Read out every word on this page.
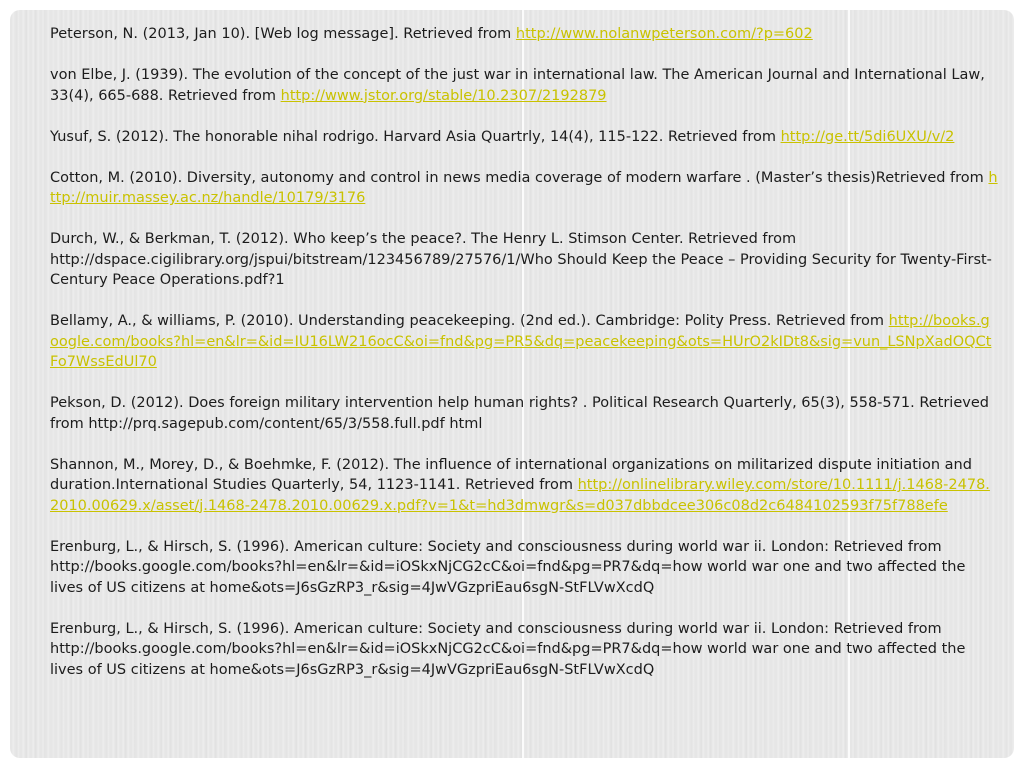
Peterson, N. (2013, Jan 10). [Web log message]. Retrieved from http://www.nolanwpeterson.com/?p=602

von Elbe, J. (1939). The evolution of the concept of the just war in international law. The American Journal and International Law, 33(4), 665-688. Retrieved from http://www.jstor.org/stable/10.2307/2192879

Yusuf, S. (2012). The honorable nihal rodrigo. Harvard Asia Quartrly, 14(4), 115-122. Retrieved from http://ge.tt/5di6UXU/v/2

Cotton, M. (2010). Diversity, autonomy and control in news media coverage of modern warfare . (Master’s thesis)Retrieved from http://muir.massey.ac.nz/handle/10179/3176

Durch, W., & Berkman, T. (2012). Who keep’s the peace?. The Henry L. Stimson Center. Retrieved from http://dspace.cigilibrary.org/jspui/bitstream/123456789/27576/1/Who Should Keep the Peace – Providing Security for Twenty-First-Century Peace Operations.pdf?1

Bellamy, A., & williams, P. (2010). Understanding peacekeeping. (2nd ed.). Cambridge: Polity Press. Retrieved from http://books.google.com/books?hl=en&lr=&id=IU16LW216ocC&oi=fnd&pg=PR5&dq=peacekeeping&ots=HUrO2kIDt8&sig=vun_LSNpXadOQCtFo7WssEdUl70

Pekson, D. (2012). Does foreign military intervention help human rights? . Political Research Quarterly, 65(3), 558-571. Retrieved from http://prq.sagepub.com/content/65/3/558.full.pdf html

Shannon, M., Morey, D., & Boehmke, F. (2012). The influence of international organizations on militarized dispute initiation and duration.International Studies Quarterly, 54, 1123-1141. Retrieved from http://onlinelibrary.wiley.com/store/10.1111/j.1468-2478.2010.00629.x/asset/j.1468-2478.2010.00629.x.pdf?v=1&t=hd3dmwgr&s=d037dbbdcee306c08d2c6484102593f75f788efe

Erenburg, L., & Hirsch, S. (1996). American culture: Society and consciousness during world war ii. London: Retrieved from http://books.google.com/books?hl=en&lr=&id=iOSkxNjCG2cC&oi=fnd&pg=PR7&dq=how world war one and two affected the lives of US citizens at home&ots=J6sGzRP3_r&sig=4JwVGzpriEau6sgN-StFLVwXcdQ

Erenburg, L., & Hirsch, S. (1996). American culture: Society and consciousness during world war ii. London: Retrieved from http://books.google.com/books?hl=en&lr=&id=iOSkxNjCG2cC&oi=fnd&pg=PR7&dq=how world war one and two affected the lives of US citizens at home&ots=J6sGzRP3_r&sig=4JwVGzpriEau6sgN-StFLVwXcdQ
